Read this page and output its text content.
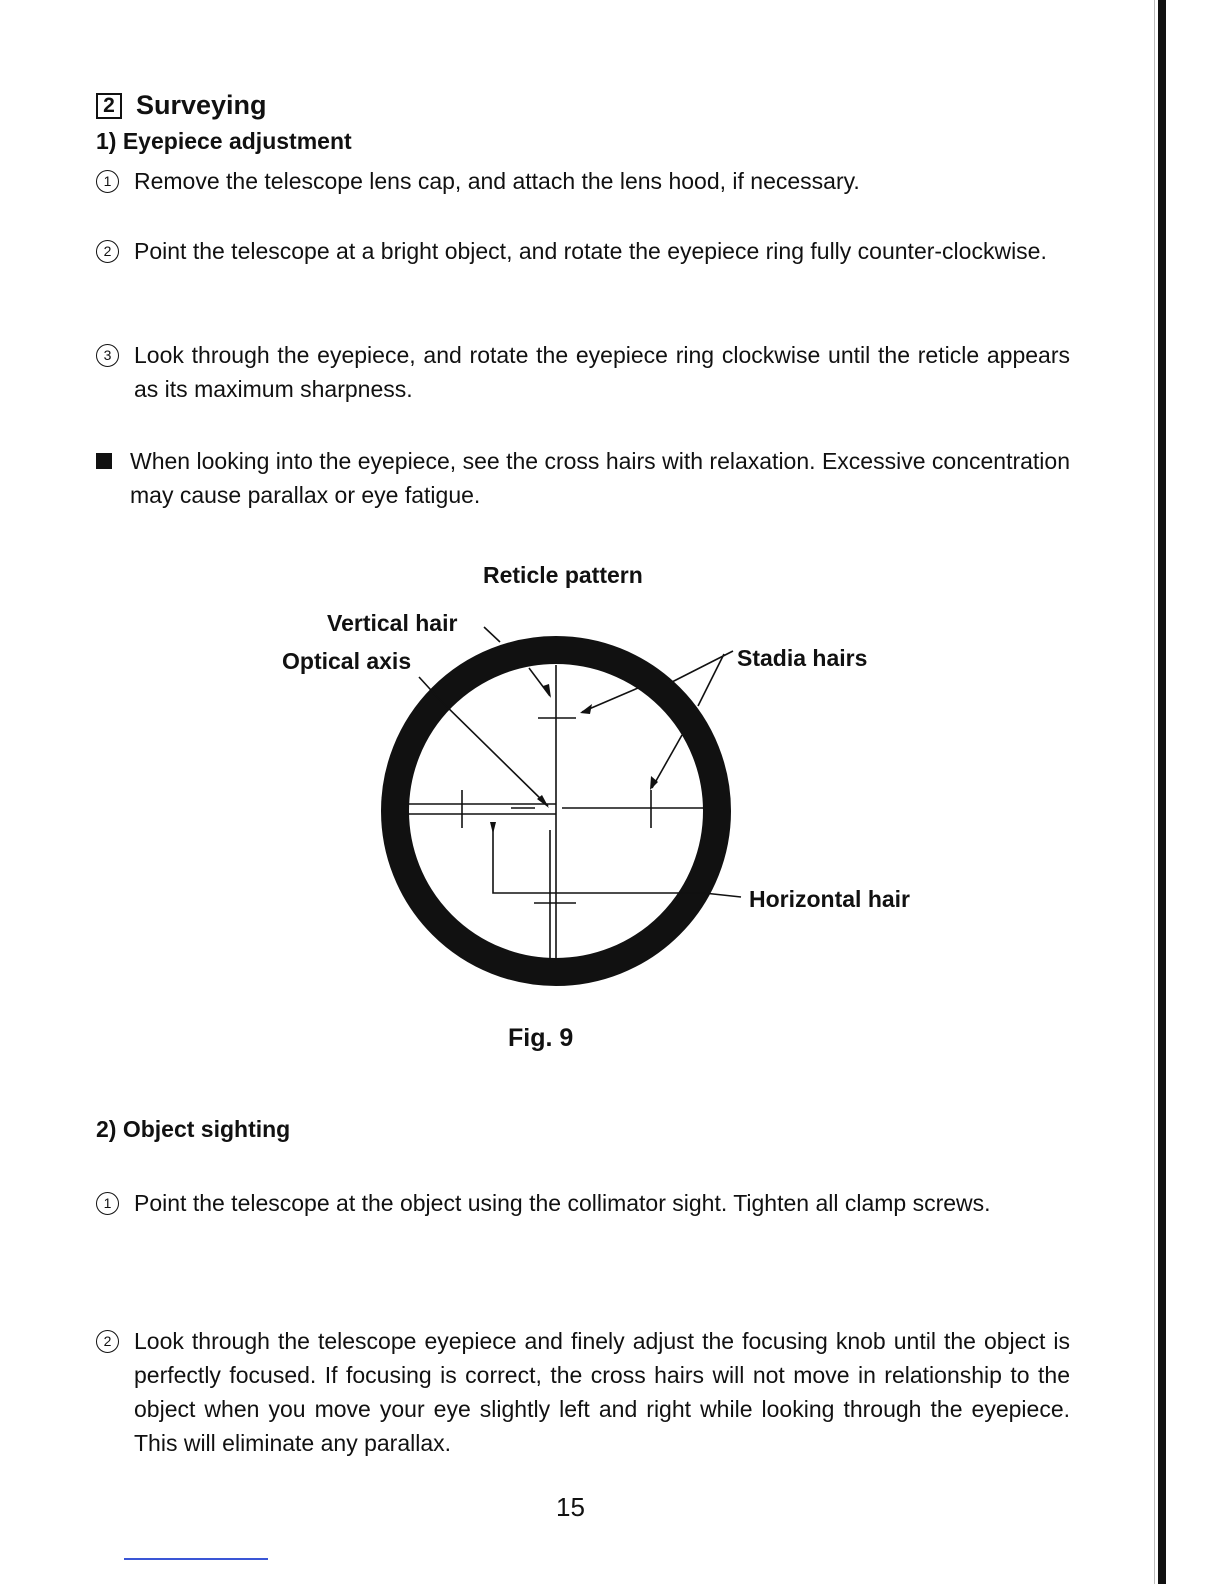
2 Surveying
1) Eyepiece adjustment
1 Remove the telescope lens cap, and attach the lens hood, if necessary.
2 Point the telescope at a bright object, and rotate the eyepiece ring fully counter-clockwise.
3 Look through the eyepiece, and rotate the eyepiece ring clockwise until the reticle appears as its maximum sharpness.
When looking into the eyepiece, see the cross hairs with relaxation. Excessive concentration may cause parallax or eye fatigue.
Reticle pattern
Vertical hair
Optical axis	Stadia hairs
Horizontal hair
Fig. 9
2) Object sighting
1 Point the telescope at the object using the collimator sight. Tighten all clamp screws.
2 Look through the telescope eyepiece and finely adjust the focusing knob until the object is perfectly focused. If focusing is correct, the cross hairs will not move in relationship to the object when you move your eye slightly left and right while looking through the eyepiece. This will eliminate any parallax.
15
